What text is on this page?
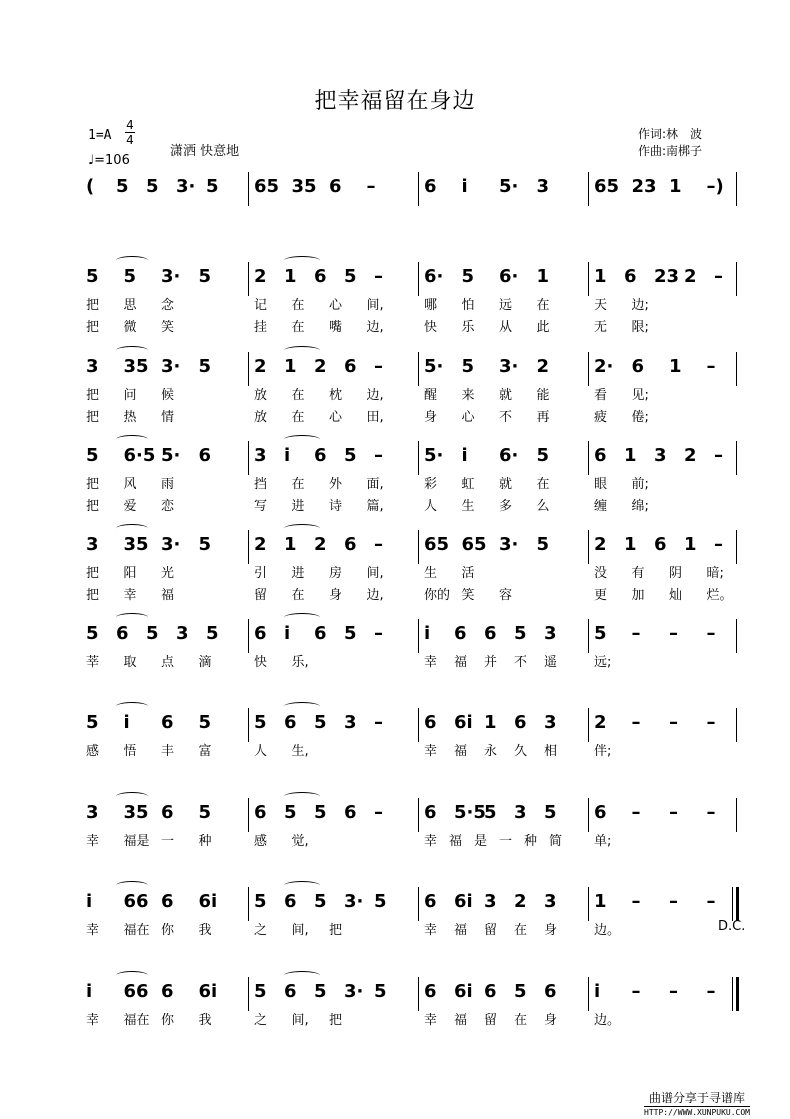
把幸福留在身边
1=A
4
4
♩=106
潇洒 快意地
作词:林　波
作曲:南梆子
( 5 5 3· 5 65 35 6 –	6 i 5· 3 65 23 1 –)
5 5 3· 5 2 1 6 5 – 6· 5 6· 1 1 6 23 2 –
把 思 念	记 在 心 间,	哪 怕 远 在	天 边;
把 微 笑	挂 在 嘴 边,	快 乐 从 此	无 限;
3 35 3· 5 2 1 2 6 – 5· 5 3· 2 2· 6 1 –
把 问 候	放 在 枕 边,	醒 来 就 能	看 见;
把 热 情	放 在 心 田,	身 心 不 再	疲 倦;
5 6·5 5· 6 3 i 6 5 – 5· i 6· 5 6 1 3 2 –
把 风 雨	挡 在 外 面,	彩 虹 就 在	眼 前;
把 爱 恋	写 进 诗 篇,	人 生 多 么	缠 绵;
3 35 3· 5 2 1 2 6 – 65 65 3· 5 2 1 6 1 –
把 阳 光	引 进 房 间,	生 活	没 有 阴 暗;
把 幸 福	留 在 身 边,	你的 笑 容	更 加 灿 烂。
5 6 5 3 5 6 i 6 5 – i 6 6 5 3 5 – – –
莘 取 点 滴	快 乐,	幸 福 并 不 遥	远;
5 i 6 5 5 6 5 3 – 6 6i 1 6 3 2 – – –
感 悟 丰 富	人 生,	幸 福 永 久 相	伴;
3 35 6 5 6 5 5 6 – 6 5·5
5 3 5 6 – – –
幸 福是 一 种	感 觉,	幸 福 是 一 种 简 单;
i 66 6 6i 5 6 5 3· 5 6 6i 3 2 3 1 – – –
幸 福在 你 我	之 间, 把	幸 福 留 在 身	边。	D.C.
i 66 6 6i 5 6 5 3· 5 6 6i 6 5 6 i – – –
幸 福在 你 我	之 间, 把	幸 福 留 在 身	边。
曲谱分享于寻谱库
HTTP://WWW.XUNPUKU.COM
